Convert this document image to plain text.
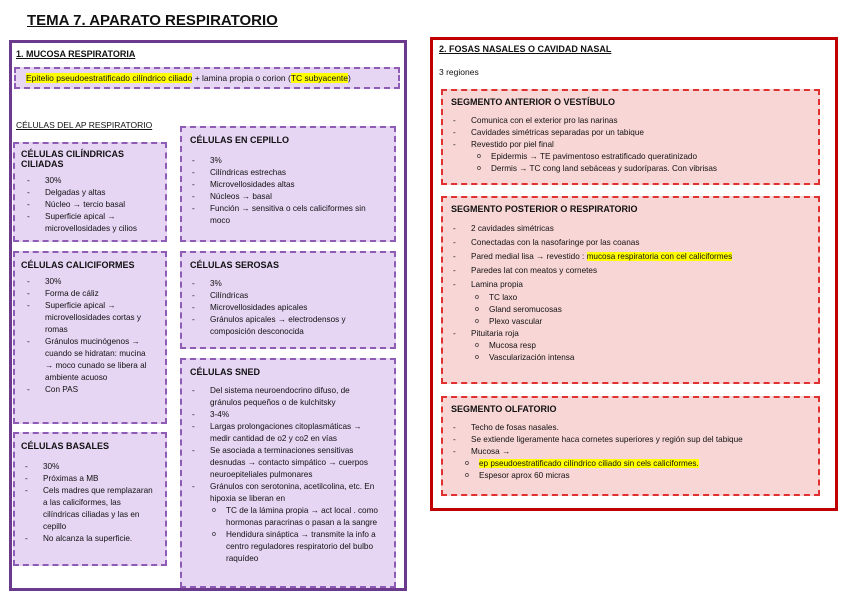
TEMA 7. APARATO RESPIRATORIO
1. MUCOSA RESPIRATORIA
Epitelio pseudoestratificado cilíndrico ciliado + lamina propia o corion (TC subyacente)
CÉLULAS DEL AP RESPIRATORIO
CÉLULAS CILÍNDRICAS CILIADAS
- 30%
- Delgadas y altas
- Núcleo → tercio basal
- Superficie apical →
microvellosidades y cilios
CÉLULAS CALICIFORMES
- 30%
- Forma de cáliz
- Superficie apical →
microvellosidades cortas y
romas
- Gránulos mucinógenos →
cuando se hidratan: mucina
→ moco cunado se libera al
ambiente acuoso
- Con PAS
CÉLULAS BASALES
- 30%
- Próximas a MB
- Cels madres que remplazaran
a las caliciformes, las
cilíndricas ciliadas y las en
cepillo
- No alcanza la superficie.
CÉLULAS EN CEPILLO
- 3%
- Cilíndricas estrechas
- Microvellosidades altas
- Núcleos → basal
- Función → sensitiva o cels caliciformes sin
moco
CÉLULAS SEROSAS
- 3%
- Cilíndricas
- Microvellosidades apicales
- Gránulos apicales → electrodensos y
composición desconocida
CÉLULAS SNED
- Del sistema neuroendocrino difuso, de
gránulos pequeños o de kulchitsky
- 3-4%
- Largas prolongaciones citoplasmáticas →
medir cantidad de o2 y co2 en vías
- Se asociada a terminaciones sensitivas
desnudas → contacto simpático → cuerpos
neuroepiteliales pulmonares
- Gránulos con serotonina, acetilcolina, etc. En
hipoxia se liberan en
o TC de la lámina propia → act local . como
hormonas paracrinas o pasan a la sangre
o Hendidura sináptica → transmite la info a
centro reguladores respiratorio del bulbo
raquídeo
2. FOSAS NASALES O CAVIDAD NASAL
3 regiones
SEGMENTO ANTERIOR O VESTÍBULO
- Comunica con el exterior pro las narinas
- Cavidades simétricas separadas por un tabique
- Revestido por piel final
o Epidermis → TE pavimentoso estratificado queratinizado
o Dermis → TC cong land sebáceas y sudoríparas. Con vibrisas
SEGMENTO POSTERIOR O RESPIRATORIO
- 2 cavidades simétricas
- Conectadas con la nasofaringe por las coanas
- Pared medial lisa → revestido : mucosa respiratoria con cel caliciformes
- Paredes lat con meatos y cornetes
- Lamina propia
o TC laxo
o Gland seromucosas
o Plexo vascular
- Pituitaria roja
o Mucosa resp
o Vascularización intensa
SEGMENTO OLFATORIO
- Techo de fosas nasales.
- Se extiende ligeramente haca cornetes superiores y región sup del tabique
- Mucosa →
o ep pseudoestratificado cilíndrico ciliado sin cels caliciformes.
o Espesor aprox 60 micras
